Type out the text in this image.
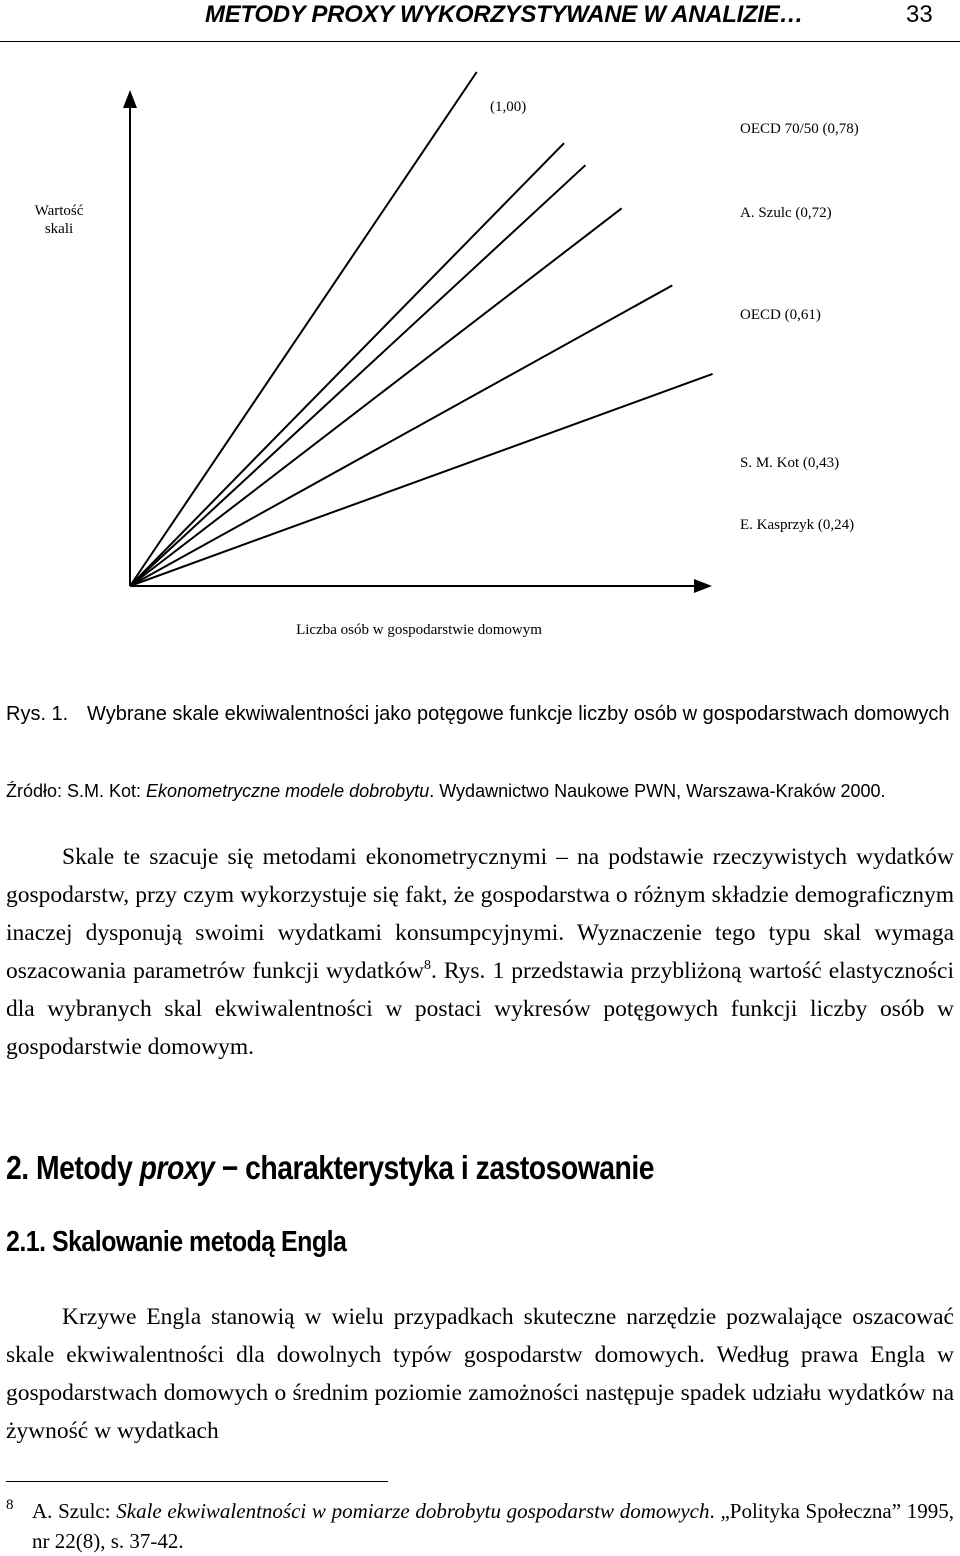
METODY PROXY WYKORZYSTYWANE W ANALIZIE…	33
(1,00)
OECD 70/50 (0,78)
A. Szulc (0,72)
OECD (0,61)
S. M. Kot (0,43)
E. Kasprzyk (0,24)
Wartość
skali
Liczba osób w gospodarstwie domowym
Rys. 1. Wybrane skale ekwiwalentności jako potęgowe funkcje liczby osób w gospodarstwach domowych
Źródło: S.M. Kot: Ekonometryczne modele dobrobytu. Wydawnictwo Naukowe PWN, Warszawa-Kraków 2000.
Skale te szacuje się metodami ekonometrycznymi – na podstawie rzeczywistych wydatków gospodarstw, przy czym wykorzystuje się fakt, że gospodarstwa o różnym składzie demograficznym inaczej dysponują swoimi wydatkami konsumpcyjnymi. Wyznaczenie tego typu skal wymaga oszacowania parametrów funkcji wydatków$^8$. Rys. 1 przedstawia przybliżoną wartość elastyczności dla wybranych skal ekwiwalentności w postaci wykresów potęgowych funkcji liczby osób w gospodarstwie domowym.
2. Metody proxy − charakterystyka i zastosowanie
2.1. Skalowanie metodą Engla
Krzywe Engla stanowią w wielu przypadkach skuteczne narzędzie pozwalające oszacować skale ekwiwalentności dla dowolnych typów gospodarstw domowych. Według prawa Engla w gospodarstwach domowych o średnim poziomie zamożności następuje spadek udziału wydatków na żywność w wydatkach
8 A. Szulc: Skale ekwiwalentności w pomiarze dobrobytu gospodarstw domowych. „Polityka Społeczna” 1995, nr 22(8), s. 37-42.
